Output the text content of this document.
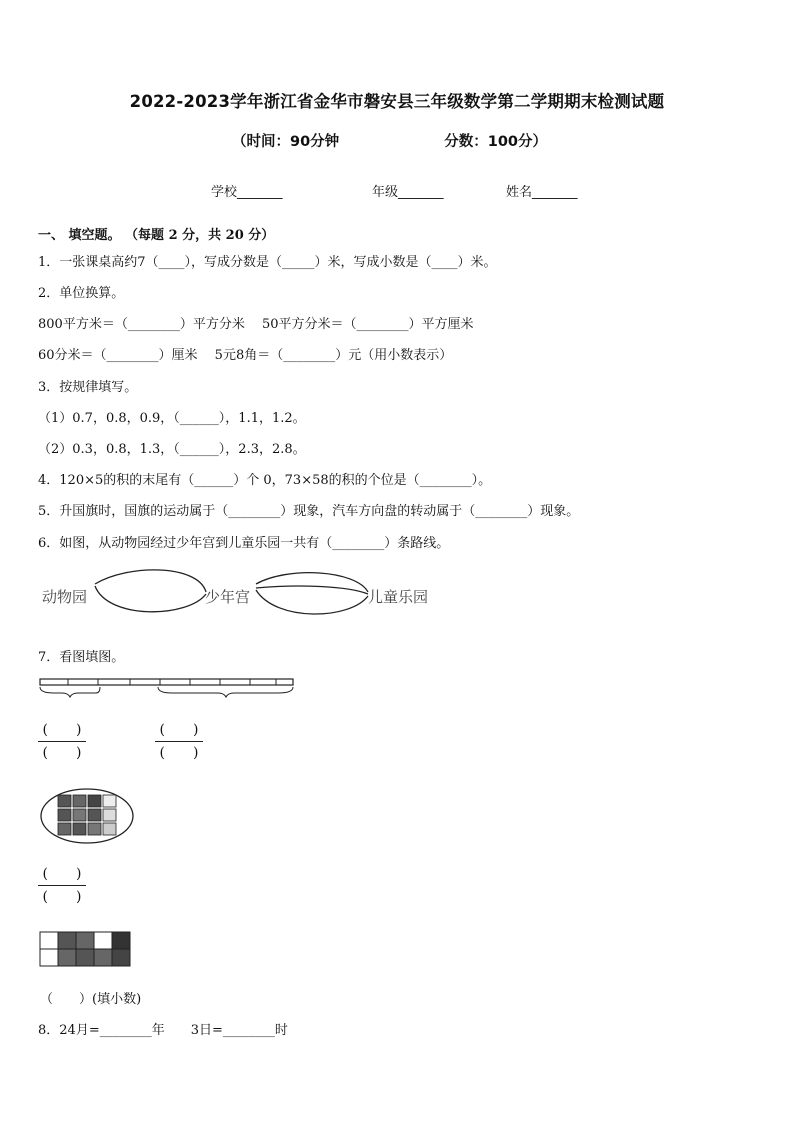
2022-2023学年浙江省金华市磐安县三年级数学第二学期期末检测试题
（时间：90分钟	分数：100分）
学校_______	年级_______	姓名_______
一、 填空题。 （每题 2 分，共 20 分）
1．一张课桌高约7（____），写成分数是（_____）米，写成小数是（____）米。
2．单位换算。
800平方米＝（________）平方分米　 50平方分米＝（________）平方厘米
60分米＝（________）厘米　 5元8角＝（________）元（用小数表示）
3．按规律填写。
（1）0.7，0.8，0.9，（______），1.1，1.2。
（2）0.3，0.8，1.3，（______），2.3，2.8。
4．120×5的积的末尾有（______）个 0，73×58的积的个位是（________）。
5．升国旗时，国旗的运动属于（________）现象，汽车方向盘的转动属于（________）现象。
6．如图，从动物园经过少年宫到儿童乐园一共有（________）条路线。
动物园	少年宫	儿童乐园
7．看图填图。
(　　)
(　　)
(　　)
(　　)
(　　)
(　　)
（　　）(填小数)
8．24月=________年　　3日=________时
